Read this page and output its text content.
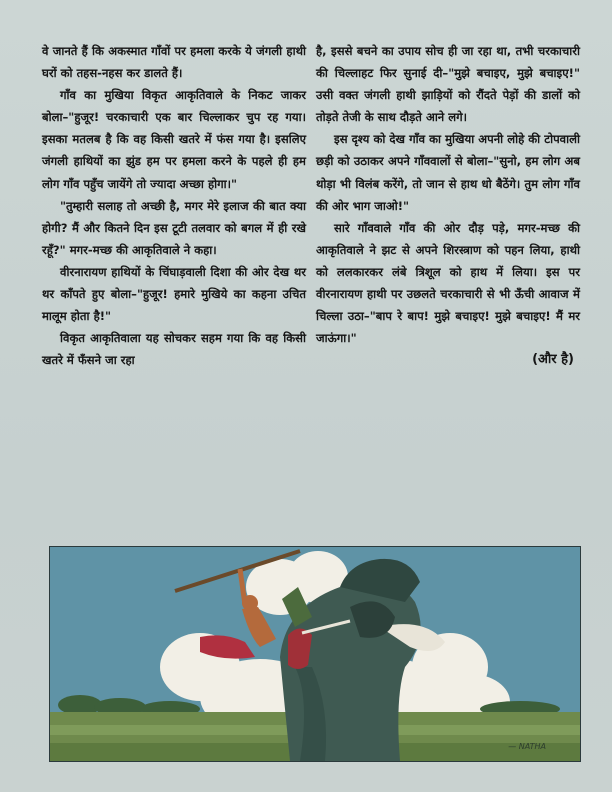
वे जानते हैं कि अकस्मात गाँवों पर हमला करके ये जंगली हाथी घरों को तहस-नहस कर डालते हैं।

गाँव का मुखिया विकृत आकृतिवाले के निकट जाकर बोला–"हुजूर! चरकाचारी एक बार चिल्लाकर चुप रह गया। इसका मतलब है कि वह किसी खतरे में फंस गया है। इसलिए जंगली हाथियों का झुंड हम पर हमला करने के पहले ही हम लोग गाँव पहुँच जायेंगे तो ज्यादा अच्छा होगा।"

"तुम्हारी सलाह तो अच्छी है, मगर मेरे इलाज की बात क्या होगी? मैं और कितने दिन इस टूटी तलवार को बगल में ही रखे रहूँ?" मगर-मच्छ की आकृतिवाले ने कहा।

वीरनारायण हाथियों के चिंघाड़वाली दिशा की ओर देख थर थर काँपते हुए बोला–"हुजूर! हमारे मुखिये का कहना उचित मालूम होता है!"

विकृत आकृतिवाला यह सोचकर सहम गया कि वह किसी खतरे में फँसने जा रहा

है, इससे बचने का उपाय सोच ही जा रहा था, तभी चरकाचारी की चिल्लाहट फिर सुनाई दी–"मुझे बचाइए, मुझे बचाइए!" उसी वक्त जंगली हाथी झाड़ियों को रौंदते पेड़ों की डालों को तोड़ते तेजी के साथ दौड़ते आने लगे।

इस दृश्य को देख गाँव का मुखिया अपनी लोहे की टोपवाली छड़ी को उठाकर अपने गाँववालों से बोला–"सुनो, हम लोग अब थोड़ा भी विलंब करेंगे, तो जान से हाथ धो बैठेंगे। तुम लोग गाँव की ओर भाग जाओ!"

सारे गाँववाले गाँव की ओर दौड़ पड़े, मगर-मच्छ की आकृतिवाले ने झट से अपने शिरस्त्राण को पहन लिया, हाथी को ललकारकर लंबे त्रिशूल को हाथ में लिया। इस पर वीरनारायण हाथी पर उछलते चरकाचारी से भी ऊँची आवाज में चिल्ला उठा–"बाप रे बाप! मुझे बचाइए! मुझे बचाइए! मैं मर जाऊंगा।"

(और है)
— NATHA
